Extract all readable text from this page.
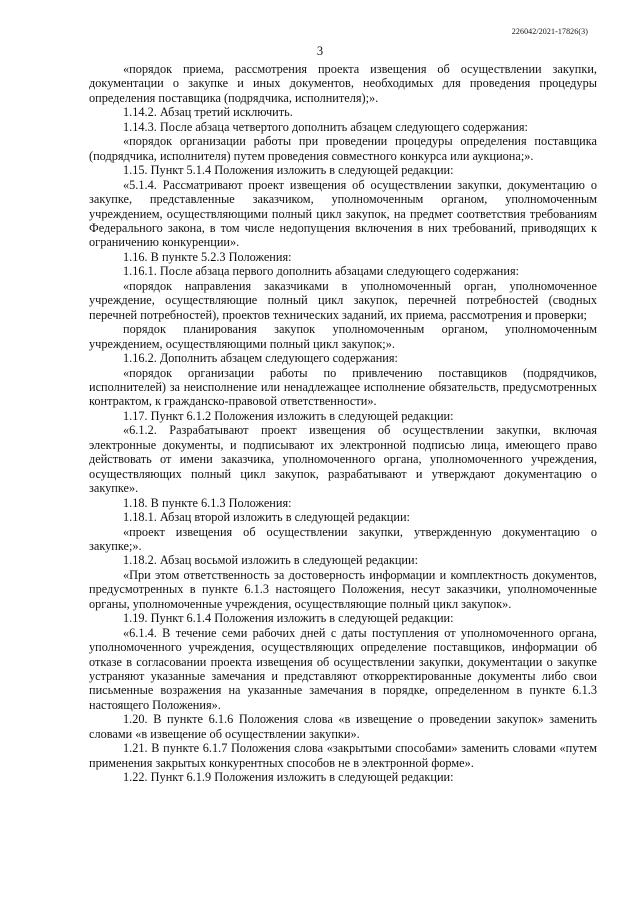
226042/2021-17826(3)
3

«порядок приема, рассмотрения проекта извещения об осуществлении закупки, документации о закупке и иных документов, необходимых для проведения процедуры определения поставщика (подрядчика, исполнителя);».

1.14.2. Абзац третий исключить.

1.14.3. После абзаца четвертого дополнить абзацем следующего содержания:

«порядок организации работы при проведении процедуры определения поставщика (подрядчика, исполнителя) путем проведения совместного конкурса или аукциона;».

1.15. Пункт 5.1.4 Положения изложить в следующей редакции:

«5.1.4. Рассматривают проект извещения об осуществлении закупки, документацию о закупке, представленные заказчиком, уполномоченным органом, уполномоченным учреждением, осуществляющими полный цикл закупок, на предмет соответствия требованиям Федерального закона, в том числе недопущения включения в них требований, приводящих к ограничению конкуренции».

1.16. В пункте 5.2.3 Положения:

1.16.1. После абзаца первого дополнить абзацами следующего содержания:

«порядок направления заказчиками в уполномоченный орган, уполномоченное учреждение, осуществляющие полный цикл закупок, перечней потребностей (сводных перечней потребностей), проектов технических заданий, их приема, рассмотрения и проверки;

порядок планирования закупок уполномоченным органом, уполномоченным учреждением, осуществляющими полный цикл закупок;».

1.16.2. Дополнить абзацем следующего содержания:

«порядок организации работы по привлечению поставщиков (подрядчиков, исполнителей) за неисполнение или ненадлежащее исполнение обязательств, предусмотренных контрактом, к гражданско-правовой ответственности».

1.17. Пункт 6.1.2 Положения изложить в следующей редакции:

«6.1.2. Разрабатывают проект извещения об осуществлении закупки, включая электронные документы, и подписывают их электронной подписью лица, имеющего право действовать от имени заказчика, уполномоченного органа, уполномоченного учреждения, осуществляющих полный цикл закупок, разрабатывают и утверждают документацию о закупке».

1.18. В пункте 6.1.3 Положения:

1.18.1. Абзац второй изложить в следующей редакции:

«проект извещения об осуществлении закупки, утвержденную документацию о закупке;».

1.18.2. Абзац восьмой изложить в следующей редакции:

«При этом ответственность за достоверность информации и комплектность документов, предусмотренных в пункте 6.1.3 настоящего Положения, несут заказчики, уполномоченные органы, уполномоченные учреждения, осуществляющие полный цикл закупок».

1.19. Пункт 6.1.4 Положения изложить в следующей редакции:

«6.1.4. В течение семи рабочих дней с даты поступления от уполномоченного органа, уполномоченного учреждения, осуществляющих определение поставщиков, информации об отказе в согласовании проекта извещения об осуществлении закупки, документации о закупке устраняют указанные замечания и представляют откорректированные документы либо свои письменные возражения на указанные замечания в порядке, определенном в пункте 6.1.3 настоящего Положения».

1.20. В пункте 6.1.6 Положения слова «в извещение о проведении закупок» заменить словами «в извещение об осуществлении закупки».

1.21. В пункте 6.1.7 Положения слова «закрытыми способами» заменить словами «путем применения закрытых конкурентных способов не в электронной форме».

1.22. Пункт 6.1.9 Положения изложить в следующей редакции:
